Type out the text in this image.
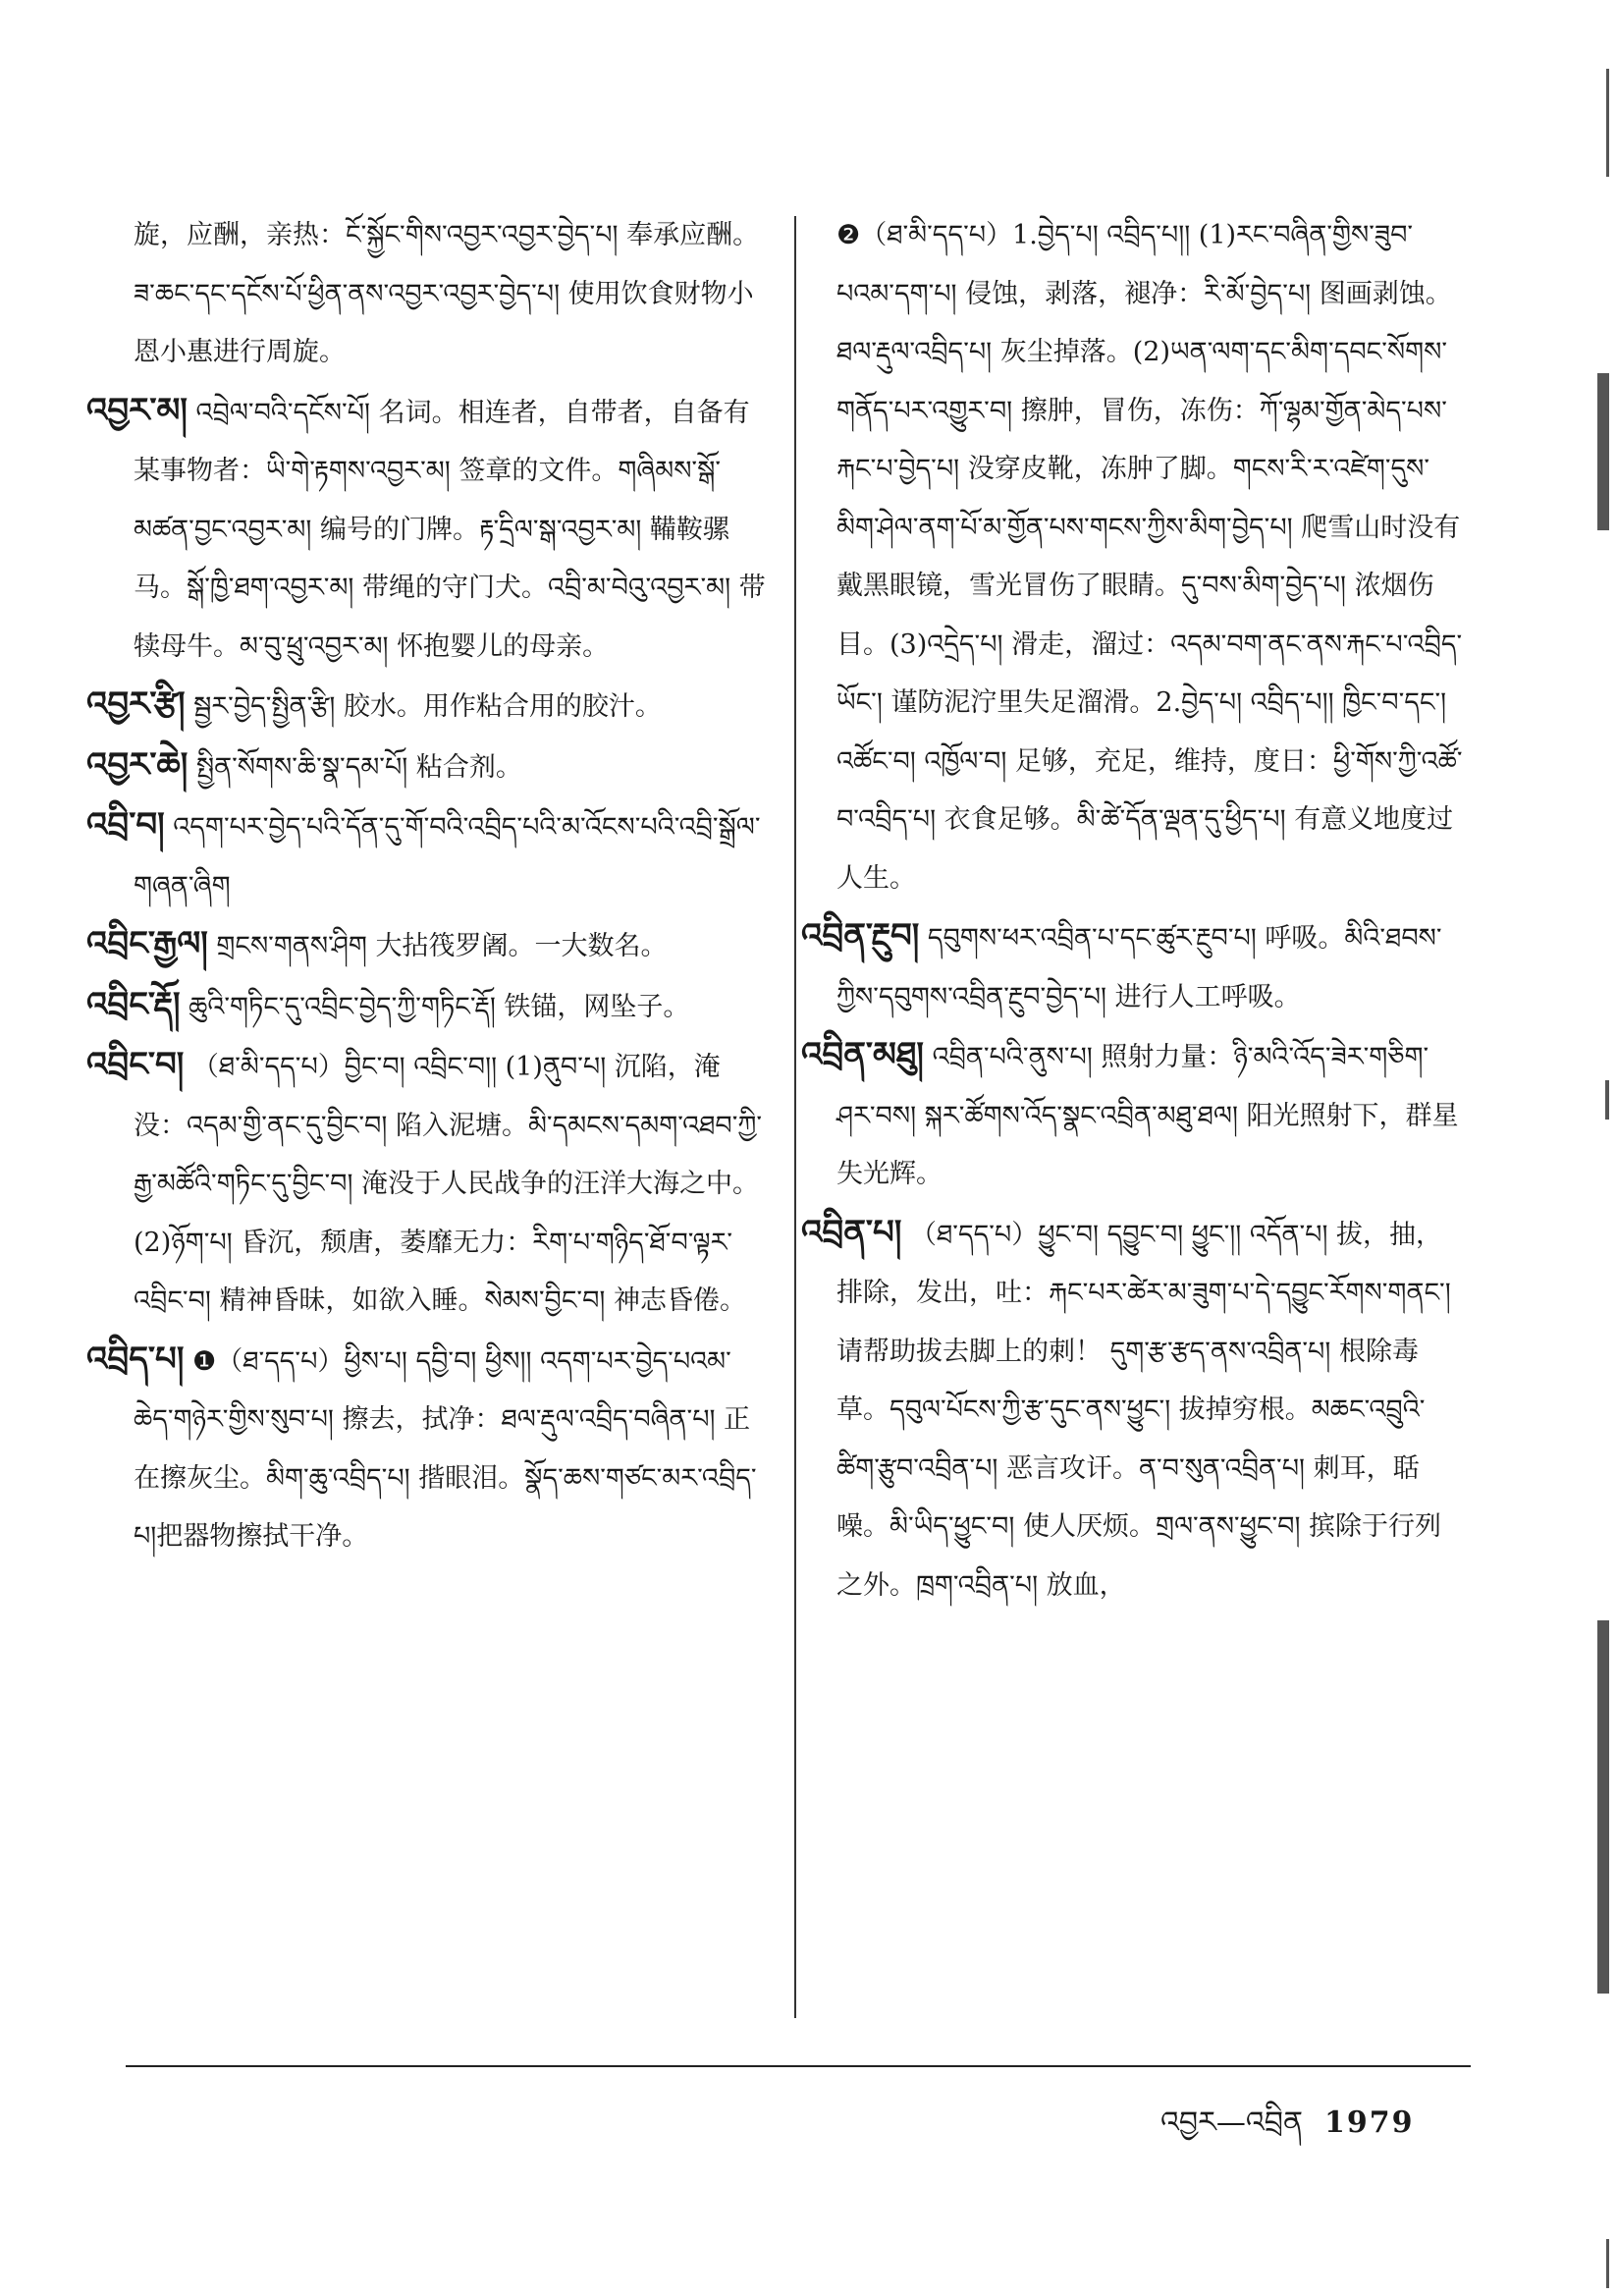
旋，应酬，亲热：ངོ་སྐྱོང་གིས་འབྱར་འབྱར་བྱེད་པ། 奉承应酬。ཟ་ཆང་དང་དངོས་པོ་ཕྱིན་ནས་འབྱར་འབྱར་བྱེད་པ། 使用饮食财物小恩小惠进行周旋。

འབྱར་མ། འབྲེལ་བའི་དངོས་པོ། 名词。相连者，自带者，自备有某事物者：ཡི་གེ་རྟགས་འབྱར་མ། 签章的文件。གཞིམས་སྒོ་མཚན་བྱང་འབྱར་མ། 编号的门牌。རྟ་དྲིལ་སྒ་འབྱར་མ། 鞴鞍骡马。སྒོ་ཁྱི་ཐག་འབྱར་མ། 带绳的守门犬。འབྲི་མ་བེའུ་འབྱར་མ། 带犊母牛。མ་བུ་ཕྲུ་འབྱར་མ། 怀抱婴儿的母亲。

འབྱར་རྩི། སྦྱར་བྱེད་སྤྱིན་རྩི། 胶水。用作粘合用的胶汁。

འབྱར་ཆེ། སྤྱིན་སོགས་ཆི་སྣ་དམ་པོ། 粘合剂。

འབྲི་བ། འདག་པར་བྱེད་པའི་དོན་དུ་གོ་བའི་འབྲིད་པའི་མ་འོངས་པའི་འབྲི་སྒྲོལ་གཞན་ཞིག

འབྲིང་རྒྱལ། གྲངས་གནས་ཤིག 大拈筏罗阇。一大数名。

འབྲིང་རྡོ། ཆུའི་གཏིང་དུ་འབྲིང་བྱེད་ཀྱི་གཏིང་རྡོ། 铁锚，网坠子。

འབྲིང་བ། （ཐ་མི་དད་པ）བྱིང་བ། འབྲིང་བ།། (1)ནུབ་པ། 沉陷，淹没：འདམ་གྱི་ནང་དུ་བྱིང་བ། 陷入泥塘。མི་དམངས་དམག་འཐབ་ཀྱི་རྒྱ་མཚོའི་གཏིང་དུ་བྱིང་བ། 淹没于人民战争的汪洋大海之中。(2)ཉོག་པ། 昏沉，颓唐，萎靡无力：རིག་པ་གཉིད་ཐོ་བ་ལྟར་འབྲིང་བ། 精神昏昧，如欲入睡。སེམས་བྱིང་བ། 神志昏倦。

འབྲིད་པ། ❶（ཐ་དད་པ）ཕྱིས་པ། དབྱི་བ། ཕྱིས།། འདག་པར་བྱེད་པའམ་ཆེད་གཉེར་གྱིས་སུབ་པ། 擦去，拭净：ཐལ་རྡུལ་འབྲིད་བཞིན་པ། 正在擦灰尘。མིག་ཆུ་འབྲིད་པ། 揩眼泪。སྣོད་ཆས་གཙང་མར་འབྲིད་པ།把器物擦拭干净。

❷（ཐ་མི་དད་པ）1.བྱེད་པ། འབྲིད་པ།། (1)རང་བཞིན་གྱིས་ཟུབ་པའམ་དག་པ། 侵蚀，剥落，褪净：རི་མོ་བྱེད་པ། 图画剥蚀。ཐལ་རྡུལ་འབྲིད་པ། 灰尘掉落。(2)ཡན་ལག་དང་མིག་དབང་སོགས་གནོད་པར་འགྱུར་བ། 擦肿，冒伤，冻伤：ཀོ་ལྷམ་གྱོན་མེད་པས་རྐང་པ་བྱེད་པ། 没穿皮靴，冻肿了脚。གངས་རི་ར་འཛེག་དུས་མིག་ཤེལ་ནག་པོ་མ་གྱོན་པས་གངས་ཀྱིས་མིག་བྱེད་པ། 爬雪山时没有戴黑眼镜，雪光冒伤了眼睛。དུ་བས་མིག་བྱེད་པ། 浓烟伤目。(3)འདྲེད་པ། 滑走，溜过：འདམ་བག་ནང་ནས་རྐང་པ་འབྲིད་ཡོང་། 谨防泥泞里失足溜滑。2.བྱེད་པ། འབྲིད་པ།། ཁྱིང་བ་དང་། འཚོང་བ། འཁྱོལ་བ། 足够，充足，维持，度日：ཕྱི་གོས་ཀྱི་འཚོ་བ་འབྲིད་པ། 衣食足够。མི་ཚེ་དོན་ལྡན་དུ་ཕྱིད་པ། 有意义地度过人生。

འབྲིན་རྔུབ། དབུགས་ཕར་འབྲིན་པ་དང་ཚུར་རྔུབ་པ། 呼吸。མིའི་ཐབས་ཀྱིས་དབུགས་འབྲིན་རྔུབ་བྱེད་པ། 进行人工呼吸。

འབྲིན་མཐུ། འབྲིན་པའི་ནུས་པ། 照射力量：ཉི་མའི་འོད་ཟེར་གཅིག་ཤར་བས། སྐར་ཚོགས་འོད་སྣང་འབྲིན་མཐུ་ཐལ། 阳光照射下，群星失光辉。

འབྲིན་པ། （ཐ་དད་པ）ཕྱུང་བ། དབྱུང་བ། ཕྱུང་།། འདོན་པ། 拔，抽，排除，发出，吐：རྐང་པར་ཚེར་མ་ཟུག་པ་དེ་དབྱུང་རོགས་གནང་། 请帮助拔去脚上的刺！ དུག་རྩ་རྩད་ནས་འབྲིན་པ། 根除毒草。དབུལ་པོངས་ཀྱི་རྩ་དུང་ནས་ཕྱུང་། 拔掉穷根。མཆང་འབྲུའི་ཚིག་རྩུབ་འབྲིན་པ། 恶言攻讦。ན་བ་སུན་འབྲིན་པ། 刺耳，聒噪。མི་ཡིད་ཕྱུང་བ། 使人厌烦。གྲལ་ནས་ཕྱུང་བ། 摈除于行列之外。ཁྲག་འབྲིན་པ། 放血，

འབྱར—འབྲིན 1979
